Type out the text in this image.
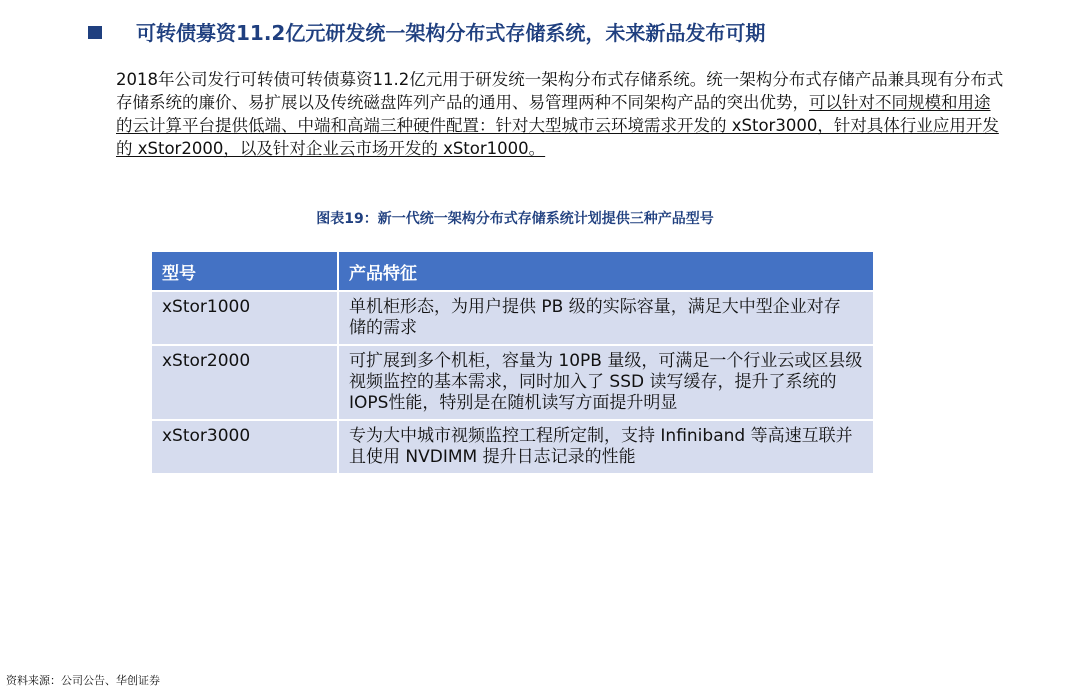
可转债募资11.2亿元研发统一架构分布式存储系统，未来新品发布可期
2018年公司发行可转债可转债募资11.2亿元用于研发统一架构分布式存储系统。统一架构分布式存储产品兼具现有分布式存储系统的廉价、易扩展以及传统磁盘阵列产品的通用、易管理两种不同架构产品的突出优势，可以针对不同规模和用途的云计算平台提供低端、中端和高端三种硬件配置：针对大型城市云环境需求开发的 xStor3000，针对具体行业应用开发的 xStor2000，以及针对企业云市场开发的 xStor1000。
图表19：新一代统一架构分布式存储系统计划提供三种产品型号
型号	产品特征
xStor1000	单机柜形态，为用户提供 PB 级的实际容量，满足大中型企业对存 储的需求
xStor2000	可扩展到多个机柜，容量为 10PB 量级，可满足一个行业云或区县级视频监控的基本需求，同时加入了 SSD 读写缓存，提升了系统的 IOPS性能，特别是在随机读写方面提升明显
xStor3000	专为大中城市视频监控工程所定制，支持 Infiniband 等高速互联并且使用 NVDIMM 提升日志记录的性能
资料来源：公司公告、华创证券
